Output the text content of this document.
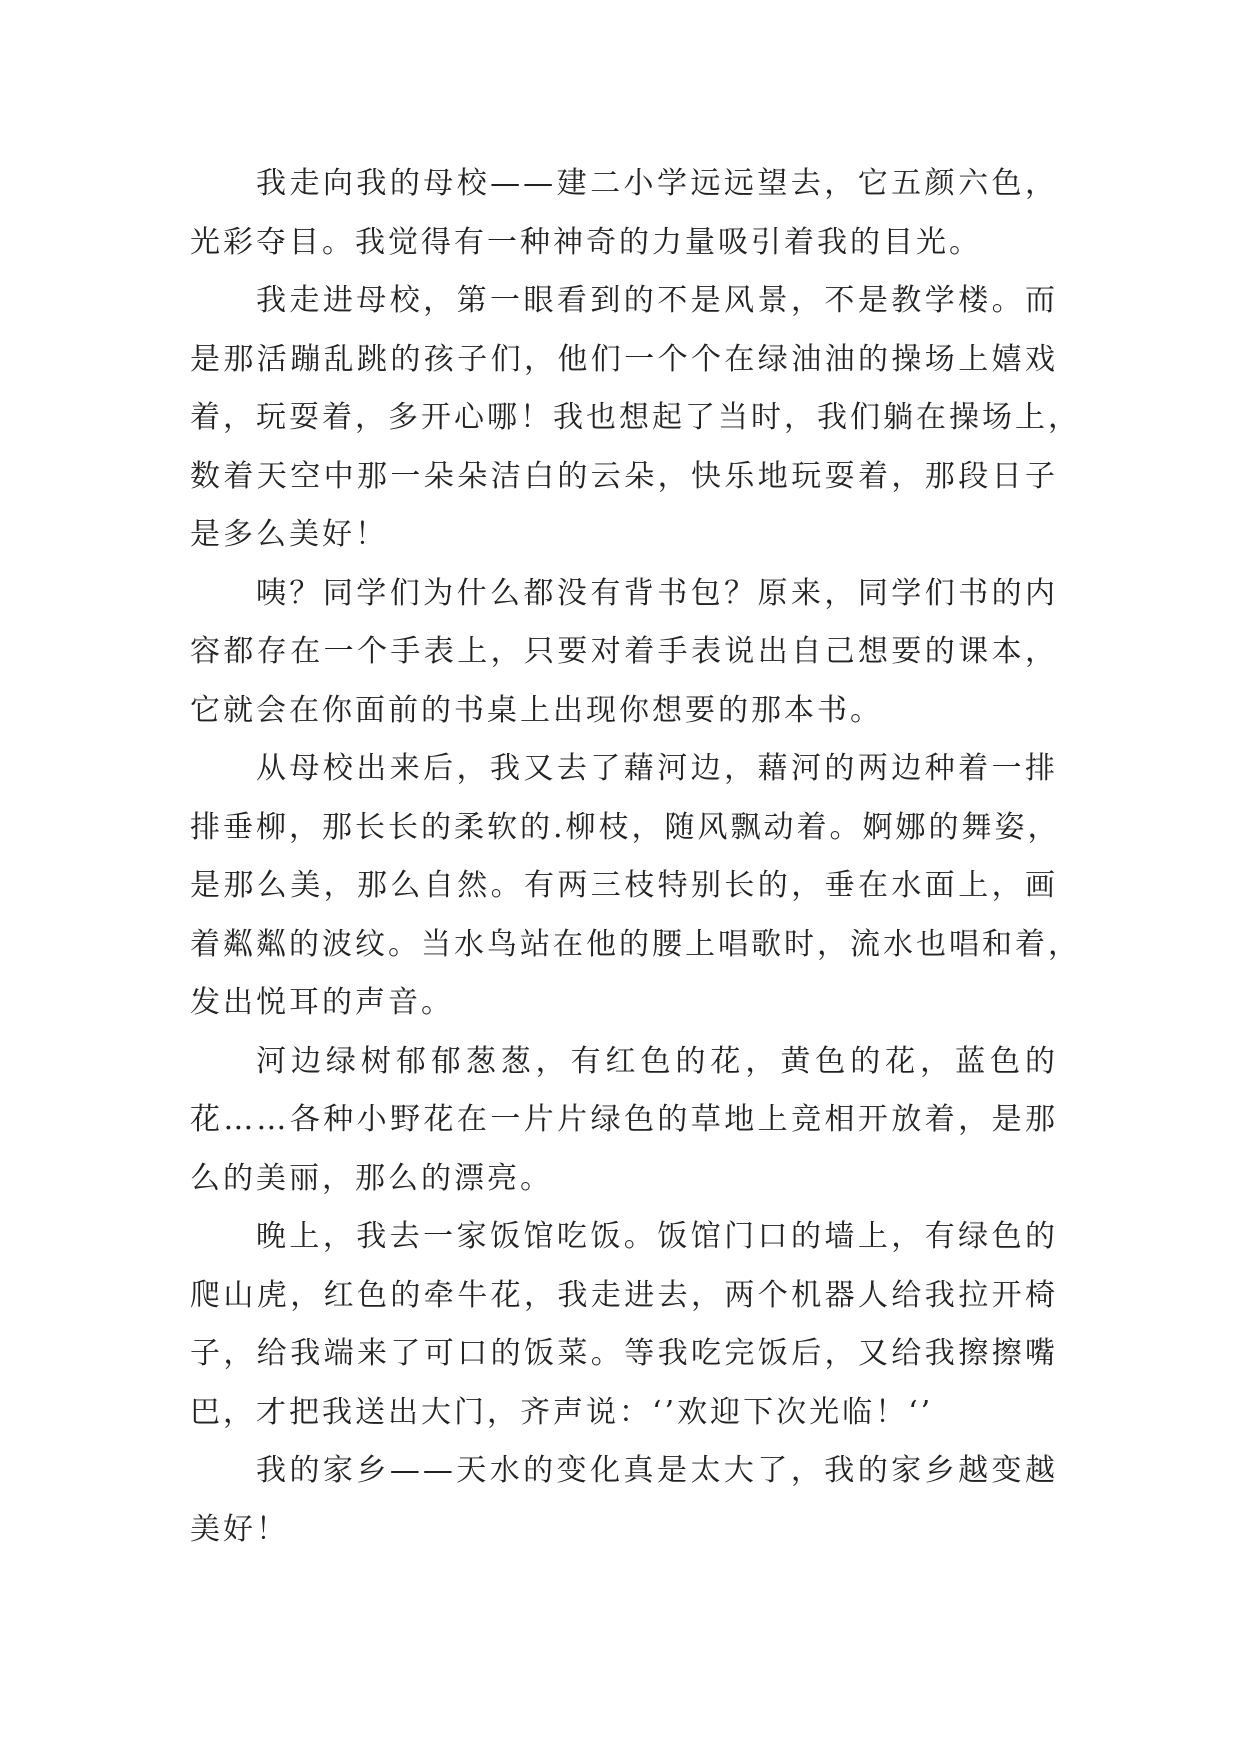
我走向我的母校——建二小学远远望去，它五颜六色，
光彩夺目。我觉得有一种神奇的力量吸引着我的目光。
我走进母校，第一眼看到的不是风景，不是教学楼。而
是那活蹦乱跳的孩子们，他们一个个在绿油油的操场上嬉戏
着，玩耍着，多开心哪！我也想起了当时，我们躺在操场上，
数着天空中那一朵朵洁白的云朵，快乐地玩耍着，那段日子
是多么美好！
咦？同学们为什么都没有背书包？原来，同学们书的内
容都存在一个手表上，只要对着手表说出自己想要的课本，
它就会在你面前的书桌上出现你想要的那本书。
从母校出来后，我又去了藉河边，藉河的两边种着一排
排垂柳，那长长的柔软的.柳枝，随风飘动着。婀娜的舞姿，
是那么美，那么自然。有两三枝特别长的，垂在水面上，画
着粼粼的波纹。当水鸟站在他的腰上唱歌时，流水也唱和着，
发出悦耳的声音。
河边绿树郁郁葱葱，有红色的花，黄色的花，蓝色的
花……各种小野花在一片片绿色的草地上竞相开放着，是那
么的美丽，那么的漂亮。
晚上，我去一家饭馆吃饭。饭馆门口的墙上，有绿色的
爬山虎，红色的牵牛花，我走进去，两个机器人给我拉开椅
子，给我端来了可口的饭菜。等我吃完饭后，又给我擦擦嘴
巴，才把我送出大门，齐声说：‘’欢迎下次光临！‘’
我的家乡——天水的变化真是太大了，我的家乡越变越
美好！
